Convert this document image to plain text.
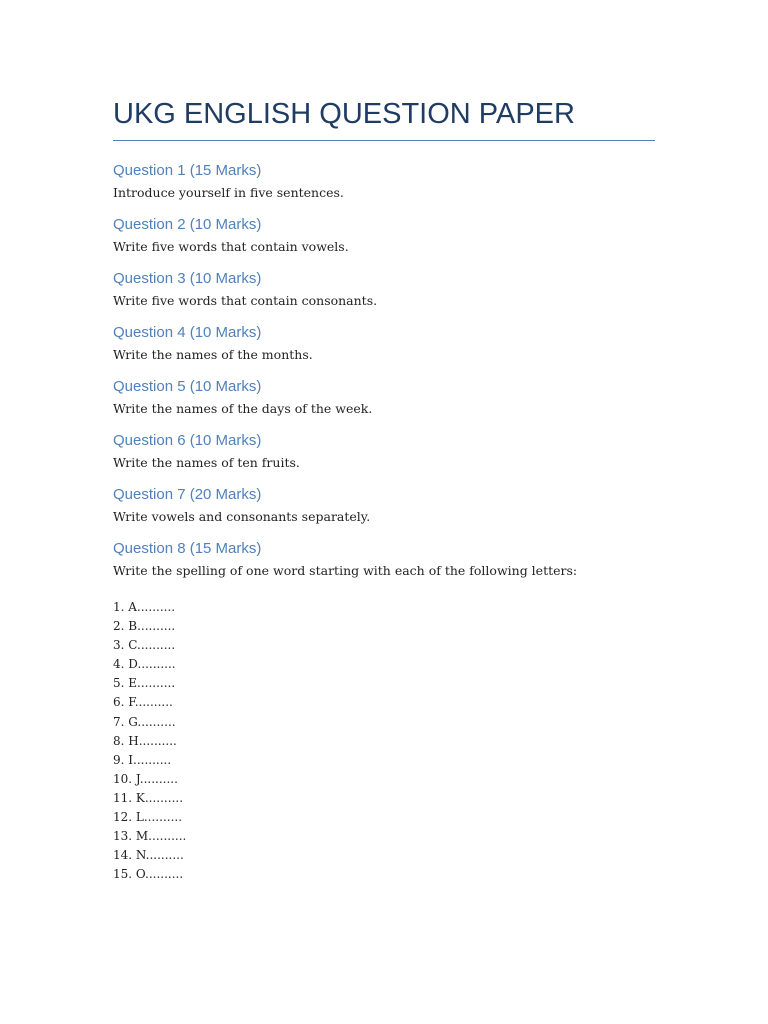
UKG ENGLISH QUESTION PAPER
Question 1 (15 Marks)

Introduce yourself in five sentences.

Question 2 (10 Marks)

Write five words that contain vowels.

Question 3 (10 Marks)

Write five words that contain consonants.

Question 4 (10 Marks)

Write the names of the months.

Question 5 (10 Marks)

Write the names of the days of the week.

Question 6 (10 Marks)

Write the names of ten fruits.

Question 7 (20 Marks)

Write vowels and consonants separately.

Question 8 (15 Marks)

Write the spelling of one word starting with each of the following letters:

1. A..........
2. B..........
3. C..........
4. D..........
5. E..........
6. F..........
7. G..........
8. H..........
9. I..........
10. J..........
11. K..........
12. L..........
13. M..........
14. N..........
15. O..........
